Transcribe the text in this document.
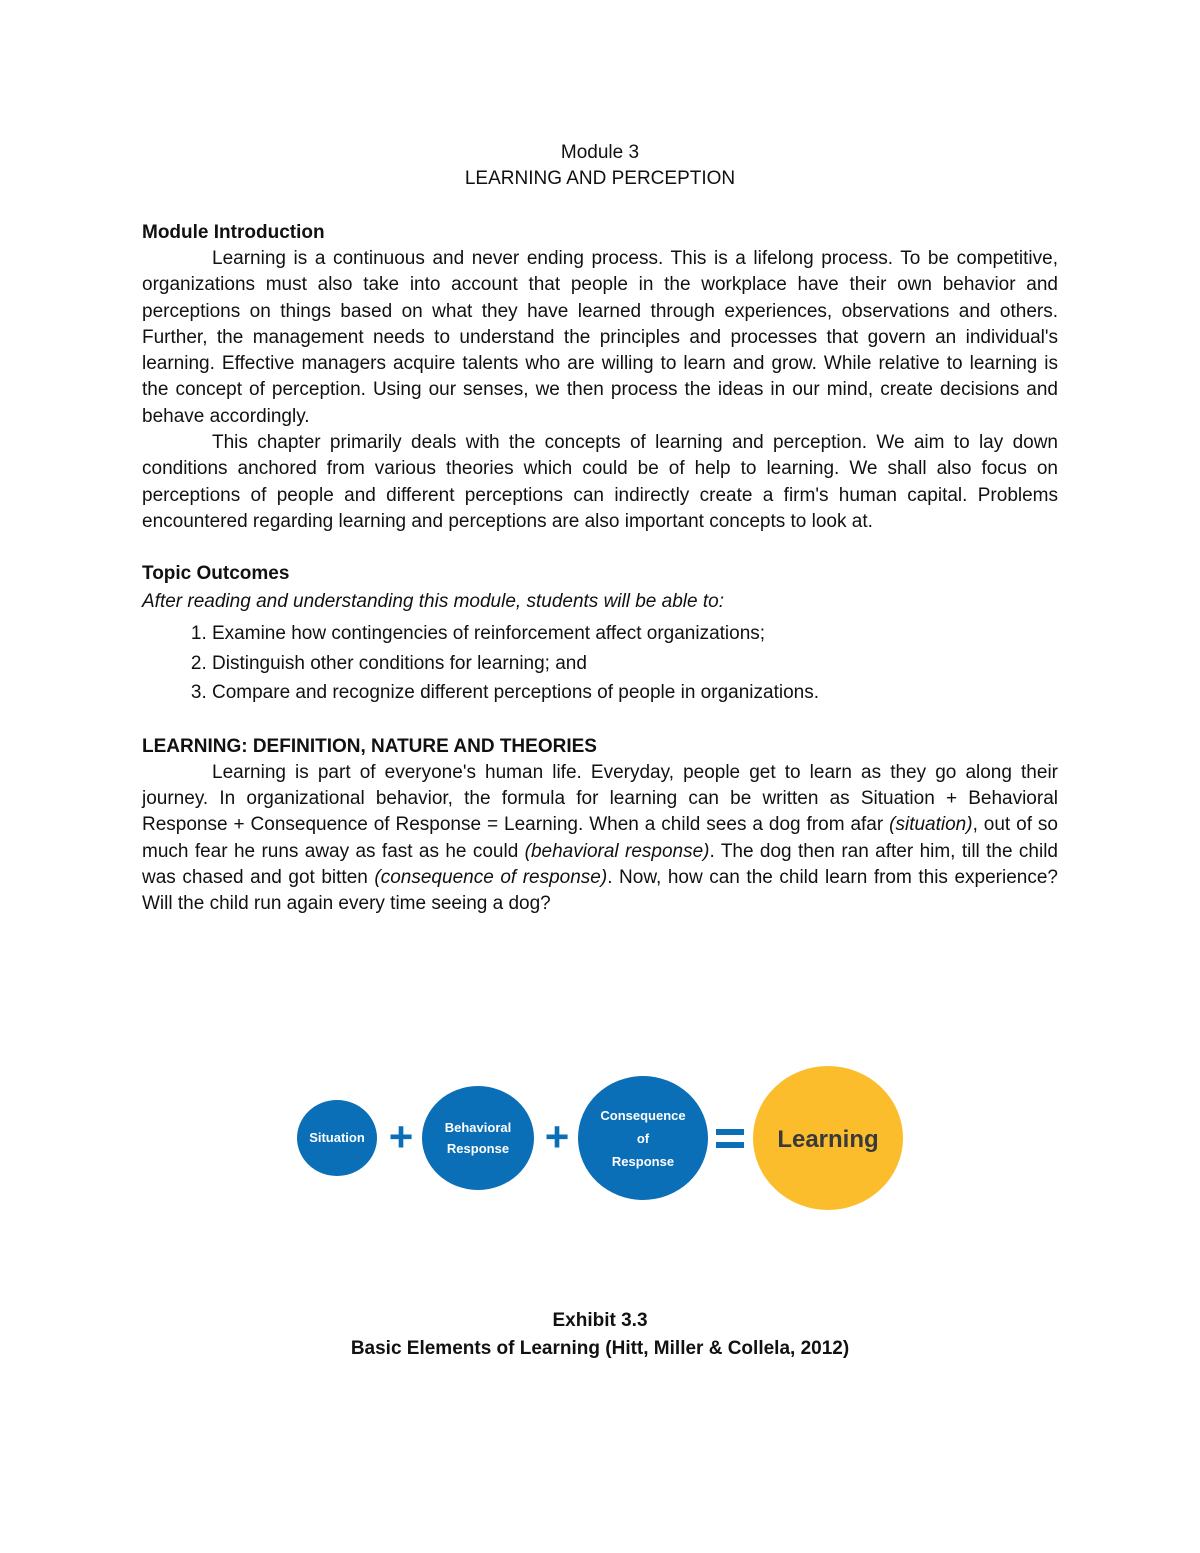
Module 3
LEARNING AND PERCEPTION
Module Introduction

Learning is a continuous and never ending process. This is a lifelong process. To be competitive, organizations must also take into account that people in the workplace have their own behavior and perceptions on things based on what they have learned through experiences, observations and others. Further, the management needs to understand the principles and processes that govern an individual's learning. Effective managers acquire talents who are willing to learn and grow. While relative to learning is the concept of perception. Using our senses, we then process the ideas in our mind, create decisions and behave accordingly.

This chapter primarily deals with the concepts of learning and perception. We aim to lay down conditions anchored from various theories which could be of help to learning. We shall also focus on perceptions of people and different perceptions can indirectly create a firm's human capital. Problems encountered regarding learning and perceptions are also important concepts to look at.

Topic Outcomes
After reading and understanding this module, students will be able to:
1. Examine how contingencies of reinforcement affect organizations;
2. Distinguish other conditions for learning; and
3. Compare and recognize different perceptions of people in organizations.
LEARNING: DEFINITION, NATURE AND THEORIES

Learning is part of everyone's human life. Everyday, people get to learn as they go along their journey. In organizational behavior, the formula for learning can be written as Situation + Behavioral Response + Consequence of Response = Learning. When a child sees a dog from afar (situation), out of so much fear he runs away as fast as he could (behavioral response). The dog then ran after him, till the child was chased and got bitten (consequence of response). Now, how can the child learn from this experience? Will the child run again every time seeing a dog?

Situation + Behavioral
Response + Consequence
of
Response
Learning
Exhibit 3.3
Basic Elements of Learning (Hitt, Miller & Collela, 2012)
